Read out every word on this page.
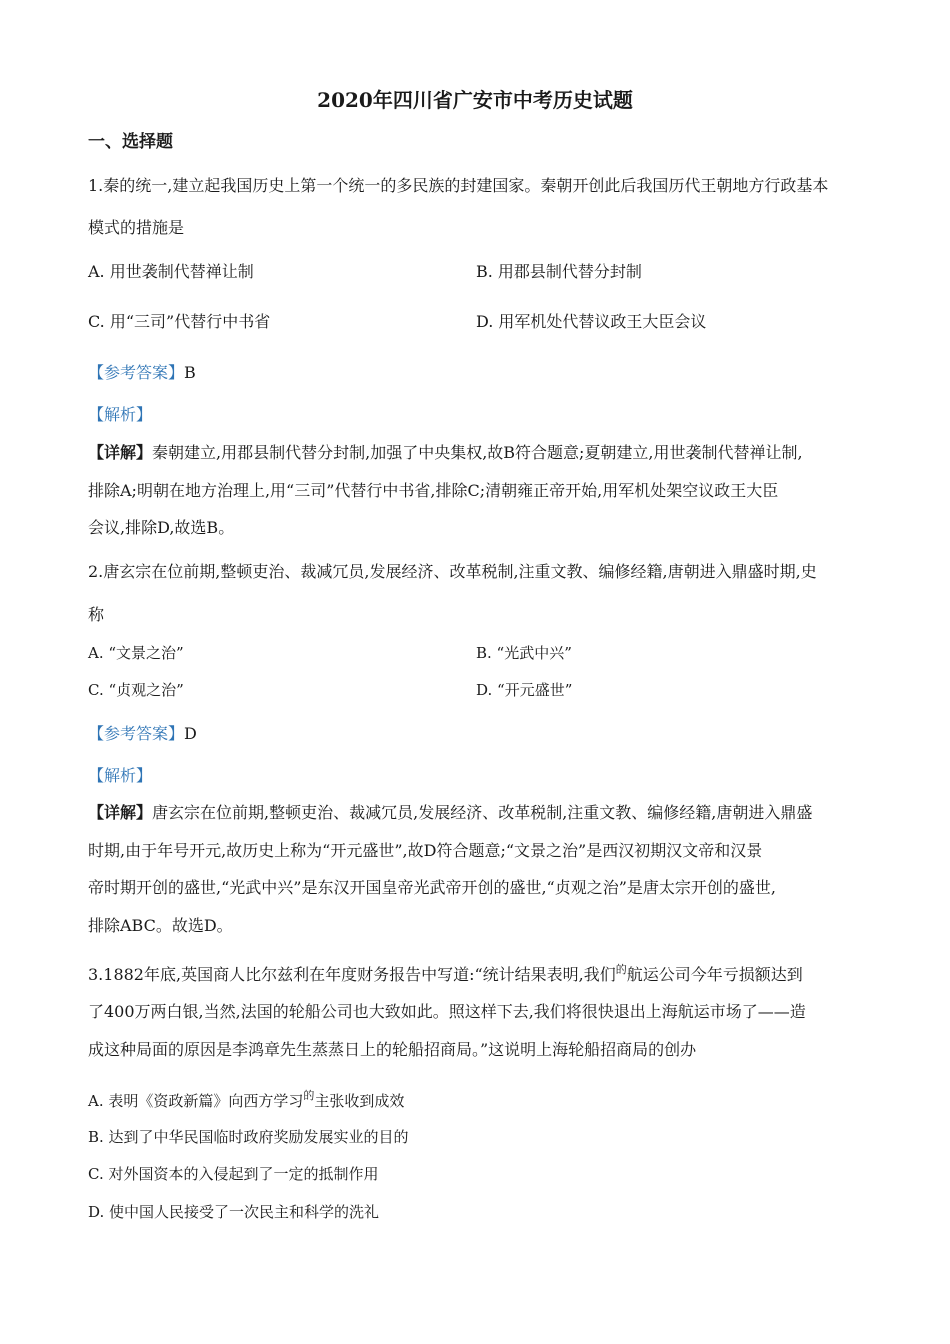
2020年四川省广安市中考历史试题
一、选择题
1.秦的统一,建立起我国历史上第一个统一的多民族的封建国家。秦朝开创此后我国历代王朝地方行政基本
模式的措施是
A. 用世袭制代替禅让制	B. 用郡县制代替分封制
C. 用“三司”代替行中书省	D. 用军机处代替议政王大臣会议
【参考答案】B
【解析】
【详解】秦朝建立,用郡县制代替分封制,加强了中央集权,故B符合题意;夏朝建立,用世袭制代替禅让制,
排除A;明朝在地方治理上,用“三司”代替行中书省,排除C;清朝雍正帝开始,用军机处架空议政王大臣
会议,排除D,故选B。
2.唐玄宗在位前期,整顿吏治、裁减冗员,发展经济、改革税制,注重文教、编修经籍,唐朝进入鼎盛时期,史
称
A. “文景之治”	B. “光武中兴”
C. “贞观之治”	D. “开元盛世”
【参考答案】D
【解析】
【详解】唐玄宗在位前期,整顿吏治、裁减冗员,发展经济、改革税制,注重文教、编修经籍,唐朝进入鼎盛
时期,由于年号开元,故历史上称为“开元盛世”,故D符合题意;“文景之治”是西汉初期汉文帝和汉景
帝时期开创的盛世,“光武中兴”是东汉开国皇帝光武帝开创的盛世,“贞观之治”是唐太宗开创的盛世,
排除ABC。故选D。
3.1882年底,英国商人比尔兹利在年度财务报告中写道:“统计结果表明,我们$^的$航运公司今年亏损额达到
了400万两白银,当然,法国的轮船公司也大致如此。照这样下去,我们将很快退出上海航运市场了——造
成这种局面的原因是李鸿章先生蒸蒸日上的轮船招商局。”这说明上海轮船招商局的创办
A. 表明《资政新篇》向西方学习$^的$主张收到成效
B. 达到了中华民国临时政府奖励发展实业的目的
C. 对外国资本的入侵起到了一定的抵制作用
D. 使中国人民接受了一次民主和科学的洗礼
